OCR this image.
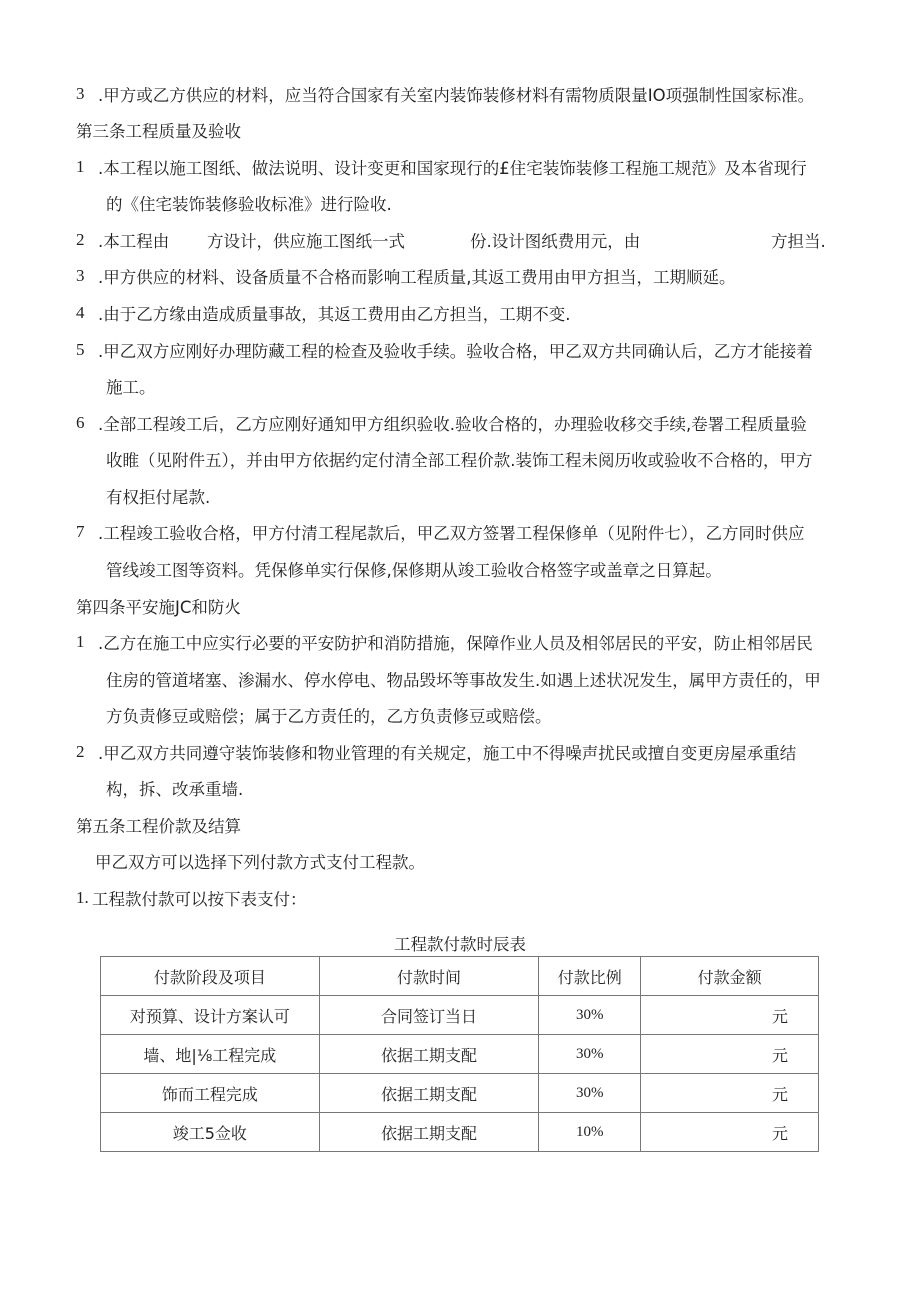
3 .甲方或乙方供应的材料，应当符合国家有关室内装饰装修材料有需物质限量IO项强制性国家标准。
第三条工程质量及验收
1 .本工程以施工图纸、做法说明、设计变更和国家现行的£住宅装饰装修工程施工规范》及本省现行
的《住宅装饰装修验收标准》进行险收.
2 .本工程由 方设计，供应施工图纸一式	份.设计图纸费用元，由	方担当.
3 .甲方供应的材料、设备质量不合格而影响工程质量,其返工费用由甲方担当，工期顺延。
4 .由于乙方缘由造成质量事故，其返工费用由乙方担当，工期不变.
5 .甲乙双方应刚好办理防藏工程的检查及验收手续。验收合格，甲乙双方共同确认后，乙方才能接着
施工。
6 .全部工程竣工后，乙方应刚好通知甲方组织验收.验收合格的，办理验收移交手续,卷署工程质量验
收睢（见附件五），并由甲方依据约定付清全部工程价款.装饰工程未阅历收或验收不合格的，甲方
有权拒付尾款.
7 .工程竣工验收合格，甲方付清工程尾款后，甲乙双方签署工程保修单（见附件七），乙方同时供应
管线竣工图等资料。凭保修单实行保修,保修期从竣工验收合格签字或盖章之日算起。
第四条平安施JC和防火
1 .乙方在施工中应实行必要的平安防护和消防措施，保障作业人员及相邻居民的平安，防止相邻居民
住房的管道堵塞、渗漏水、停水停电、物品毁坏等事故发生.如遇上述状况发生，属甲方责任的，甲
方负责修豆或赔偿；属于乙方责任的，乙方负责修豆或赔偿。
2 .甲乙双方共同遵守装饰装修和物业管理的有关规定，施工中不得噪声扰民或擅自变更房屋承重结
构，拆、改承重墙.
第五条工程价款及结算
甲乙双方可以选择下列付款方式支付工程款。
1. 工程款付款可以按下表支付：
工程款付款时辰表
付款阶段及项目	付款时间	付款比例	付款金额
对预算、设计方案认可	合同签订当日	30%	元
墙、地|⅛工程完成	依据工期支配	30%	元
饰而工程完成	依据工期支配	30%	元
竣工5佥收	依据工期支配	10%	元
